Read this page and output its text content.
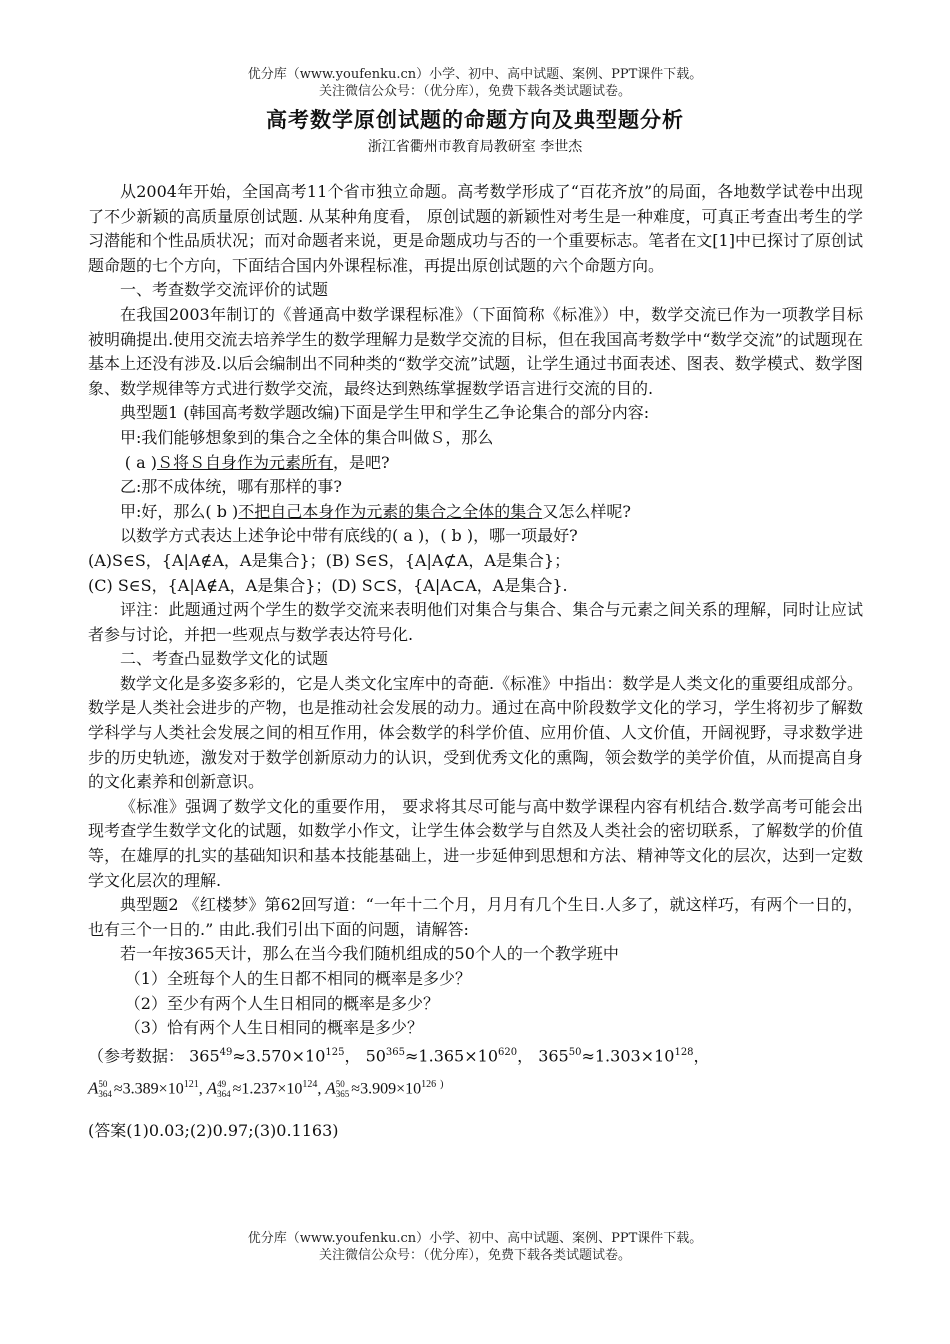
优分库（www.youfenku.cn）小学、初中、高中试题、案例、PPT课件下载。
关注微信公众号：（优分库），免费下载各类试题试卷。
高考数学原创试题的命题方向及典型题分析
浙江省衢州市教育局教研室 李世杰

从2004年开始，全国高考11个省市独立命题。高考数学形成了“百花齐放”的局面，各地数学试卷中出现了不少新颖的高质量原创试题. 从某种角度看， 原创试题的新颖性对考生是一种难度，可真正考查出考生的学习潜能和个性品质状况；而对命题者来说，更是命题成功与否的一个重要标志。笔者在文[1]中已探讨了原创试题命题的七个方向，下面结合国内外课程标准，再提出原创试题的六个命题方向。

一、考查数学交流评价的试题

在我国2003年制订的《普通高中数学课程标准》（下面简称《标准》）中，数学交流已作为一项教学目标被明确提出.使用交流去培养学生的数学理解力是数学交流的目标，但在我国高考数学中“数学交流”的试题现在基本上还没有涉及.以后会编制出不同种类的“数学交流”试题，让学生通过书面表述、图表、数学模式、数学图象、数学规律等方式进行数学交流，最终达到熟练掌握数学语言进行交流的目的.

典型题1 (韩国高考数学题改编)下面是学生甲和学生乙争论集合的部分内容:

甲:我们能够想象到的集合之全体的集合叫做Ｓ，那么

( a )Ｓ将Ｓ自身作为元素所有，是吧?

乙:那不成体统，哪有那样的事?

甲:好，那么( b )不把自己本身作为元素的集合之全体的集合又怎么样呢?

以数学方式表达上述争论中带有底线的( a )，( b )，哪一项最好?

(A)S∈S，{A|A∉A，A是集合}；(B) S∈S，{A|A⊄A，A是集合}；

(C) S∈S，{A|A∉A，A是集合}；(D) S⊂S，{A|A⊂A，A是集合}.

评注：此题通过两个学生的数学交流来表明他们对集合与集合、集合与元素之间关系的理解，同时让应试者参与讨论，并把一些观点与数学表达符号化.

二、考查凸显数学文化的试题

数学文化是多姿多彩的，它是人类文化宝库中的奇葩.《标准》中指出：数学是人类文化的重要组成部分。数学是人类社会进步的产物，也是推动社会发展的动力。通过在高中阶段数学文化的学习，学生将初步了解数学科学与人类社会发展之间的相互作用，体会数学的科学价值、应用价值、人文价值，开阔视野，寻求数学进步的历史轨迹，激发对于数学创新原动力的认识，受到优秀文化的熏陶，领会数学的美学价值，从而提高自身的文化素养和创新意识。

《标准》强调了数学文化的重要作用， 要求将其尽可能与高中数学课程内容有机结合.数学高考可能会出现考查学生数学文化的试题，如数学小作文，让学生体会数学与自然及人类社会的密切联系，了解数学的价值等，在雄厚的扎实的基础知识和基本技能基础上，进一步延伸到思想和方法、精神等文化的层次，达到一定数学文化层次的理解.

典型题2 《红楼梦》第62回写道：“一年十二个月，月月有几个生日.人多了，就这样巧，有两个一日的，也有三个一日的.” 由此.我们引出下面的问题，请解答:

若一年按365天计，那么在当今我们随机组成的50个人的一个教学班中

（1）全班每个人的生日都不相同的概率是多少？

（2）至少有两个人生日相同的概率是多少？

（3）恰有两个人生日相同的概率是多少？

（参考数据： $365^{49}\approx 3.570\times 10^{125}$， $50^{365}\approx 1.365\times 10^{620}$， $365^{50}\approx 1.303\times 10^{128}$，

A50
$364 \approx 3.389\times 10^{121}$, A49
$364 \approx 1.237\times 10^{124}$, A50
$365 \approx 3.909\times 10^{126}$ )

(答案(1)0.03;(2)0.97;(3)0.1163)

优分库（www.youfenku.cn）小学、初中、高中试题、案例、PPT课件下载。
关注微信公众号：（优分库），免费下载各类试题试卷。
